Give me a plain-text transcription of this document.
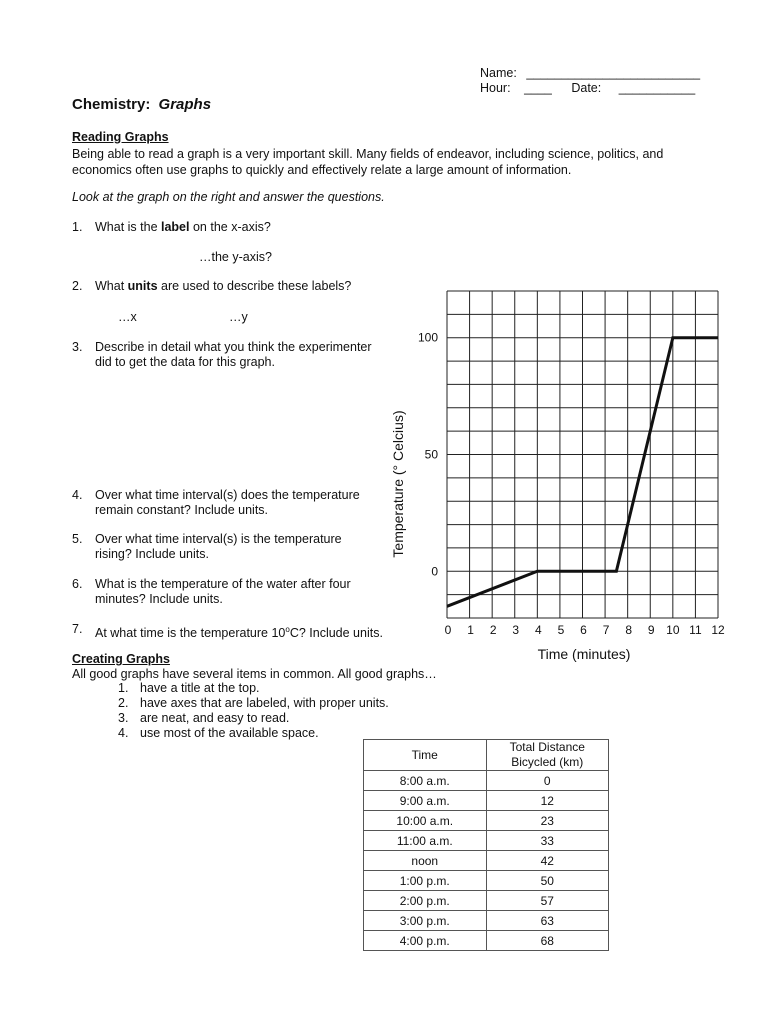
Name: _________________________
Hour: ____ Date: ___________
Chemistry: Graphs
Reading Graphs
Being able to read a graph is a very important skill. Many fields of endeavor, including science, politics, and economics often use graphs to quickly and effectively relate a large amount of information.
Look at the graph on the right and answer the questions.
1. What is the label on the x-axis?
…the y-axis?
2. What units are used to describe these labels?
…x	…y
3. Describe in detail what you think the experimenter
did to get the data for this graph.
4. Over what time interval(s) does the temperature
remain constant? Include units.
5. Over what time interval(s) is the temperature
rising? Include units.
6. What is the temperature of the water after four
minutes? Include units.
7. At what time is the temperature 10$^o$C? Include units.
Creating Graphs
All good graphs have several items in common. All good graphs…
1. have a title at the top.
2. have axes that are labeled, with proper units.
3. are neat, and easy to read.
4. use most of the available space.
0 1 2 3 4 5 6 7 8 9 10 11 12
0
50
100
Time (minutes)
Temperature (° Celcius)
Time	Total Distance Bicycled (km)
8:00 a.m.	0
9:00 a.m.	12
10:00 a.m.	23
11:00 a.m.	33
noon	42
1:00 p.m.	50
2:00 p.m.	57
3:00 p.m.	63
4:00 p.m.	68
